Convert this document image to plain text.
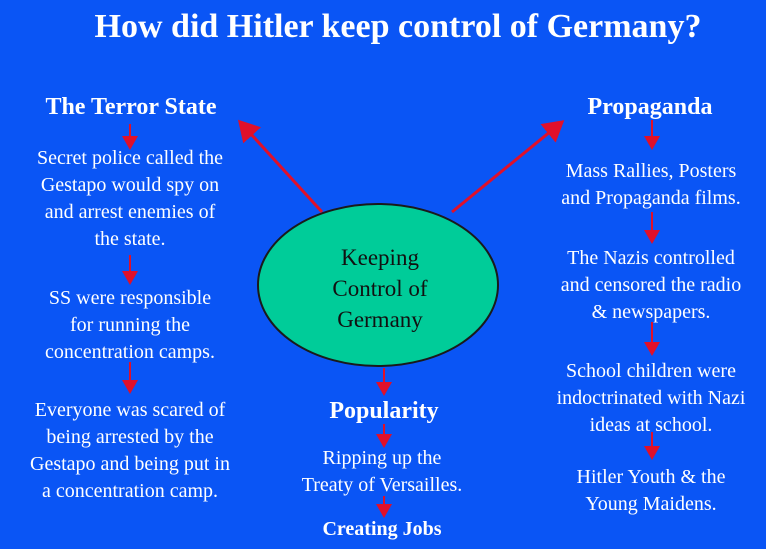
How did Hitler keep control of Germany?
Keeping
Control of
Germany
The Terror State
Secret police called the
Gestapo would spy on
and arrest enemies of
the state.
SS were responsible
for running the
concentration camps.
Everyone was scared of
being arrested by the
Gestapo and being put in
a concentration camp.
Propaganda
Mass Rallies, Posters
and Propaganda films.
The Nazis controlled
and censored the radio
& newspapers.
School children were
indoctrinated with Nazi
ideas at school.
Hitler Youth & the
Young Maidens.
Popularity
Ripping up the
Treaty of Versailles.
Creating Jobs
